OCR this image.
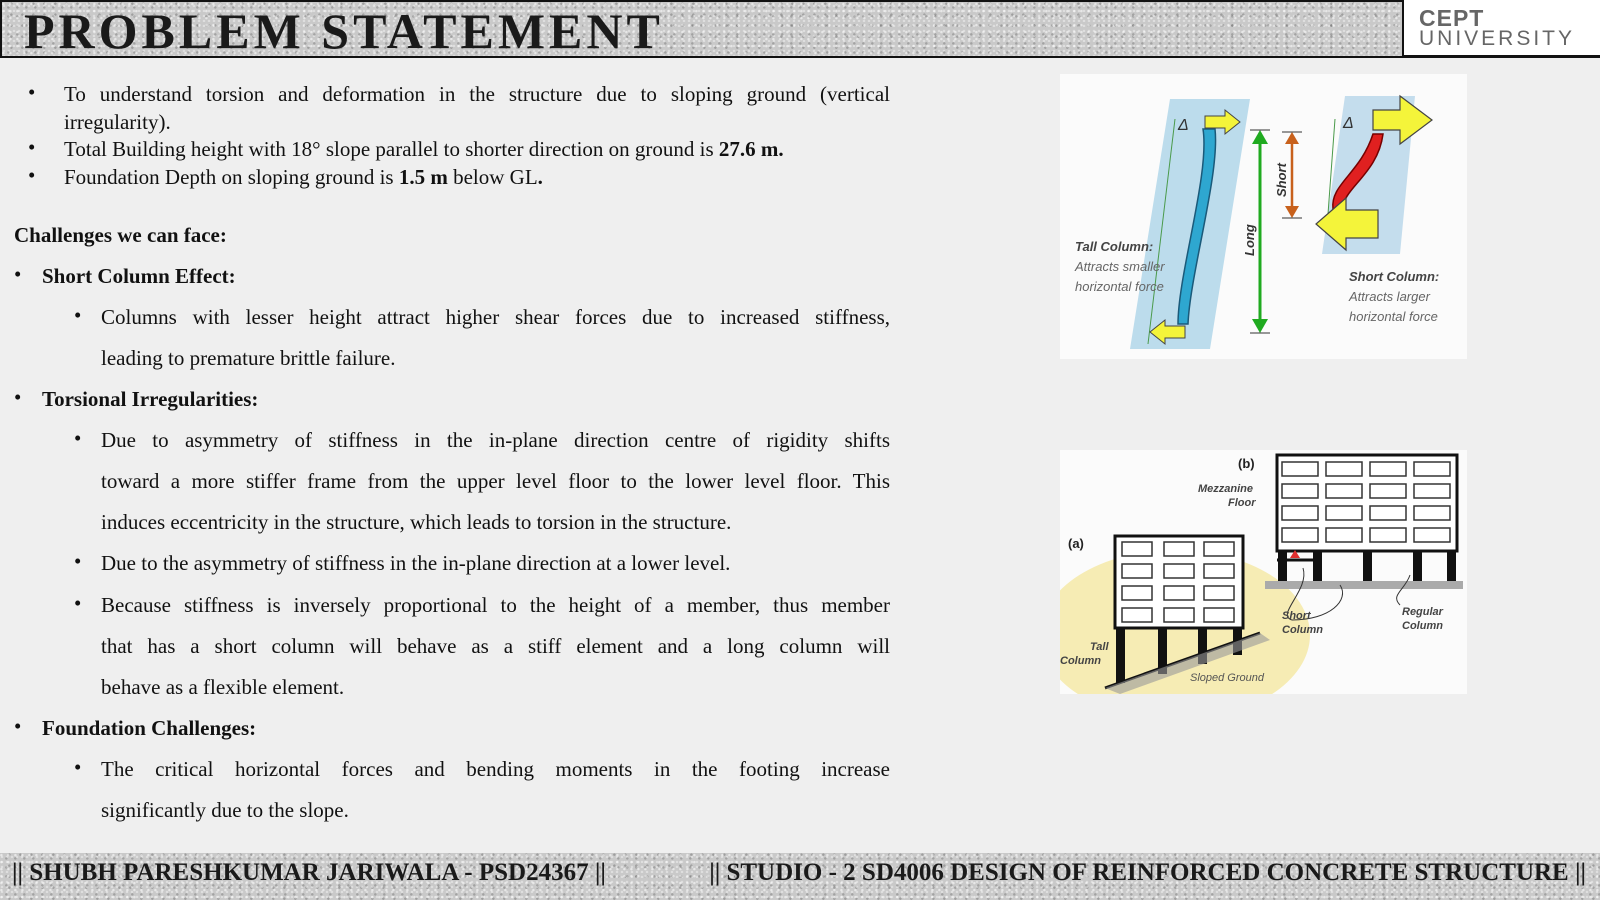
PROBLEM STATEMENT	CEPT
UNIVERSITY
• To understand torsion and deformation in the structure due to sloping ground (vertical irregularity).
• Total Building height with 18° slope parallel to shorter direction on ground is 27.6 m.
• Foundation Depth on sloping ground is 1.5 m below GL.
Challenges we can face:
• Short Column Effect:
• Columns with lesser height attract higher shear forces due to increased stiffness,
leading to premature brittle failure.
• Torsional Irregularities:
• Due to asymmetry of stiffness in the in-plane direction centre of rigidity shifts
toward a more stiffer frame from the upper level floor to the lower level floor. This
induces eccentricity in the structure, which leads to torsion in the structure.
• Due to the asymmetry of stiffness in the in-plane direction at a lower level.
• Because stiffness is inversely proportional to the height of a member, thus member
that has a short column will behave as a stiff element and a long column will
behave as a flexible element.
• Foundation Challenges:
• The critical horizontal forces and bending moments in the footing increase
significantly due to the slope.
Δ	Δ
Long
Short
Tall Column:
Attracts smaller
horizontal force
Short Column:
Attracts larger
horizontal force
(a)
(b)
Mezzanine
Floor
Tall
Column
Short
Column
Regular
Column
Sloped Ground
|| SHUBH PARESHKUMAR JARIWALA - PSD24367 ||	|| STUDIO - 2 SD4006 DESIGN OF REINFORCED CONCRETE STRUCTURE ||
